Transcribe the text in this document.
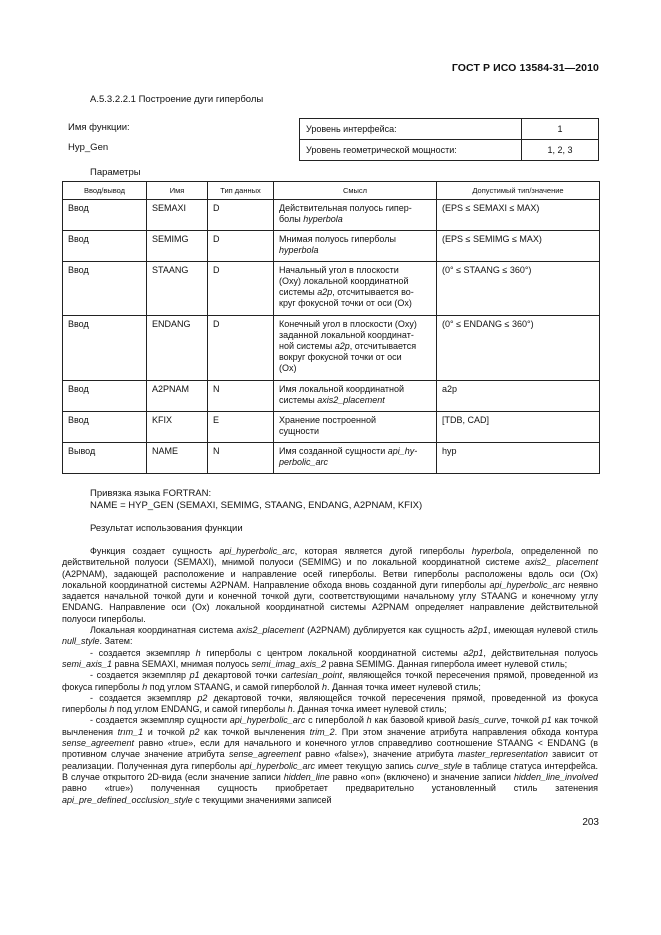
ГОСТ Р ИСО 13584-31—2010
A.5.3.2.2.1 Построение дуги гиперболы
Имя функции:
Hyp_Gen
Уровень интерфейса:	1
Уровень геометрической мощности:	1, 2, 3
Параметры
Ввод/вывод	Имя	Тип данных	Смысл	Допустимый тип/значение
Ввод	SEMAXI	D	Действительная полуось гипер-
болы hyperbola	(EPS ≤ SEMAXI ≤ MAX)
Ввод	SEMIMG	D	Мнимая полуось гиперболы
hyperbola	(EPS ≤ SEMIMG ≤ MAX)
Ввод	STAANG	D	Начальный угол в плоскости
(Oxy) локальной координатной
системы a2p, отсчитывается во-
круг фокусной точки от оси (Ox)	(0° ≤ STAANG ≤ 360°)
Ввод	ENDANG	D	Конечный угол в плоскости (Oxy)
заданной локальной координат-
ной системы a2p, отсчитывается
вокруг фокусной точки от оси
(Ox)	(0° ≤ ENDANG ≤ 360°)
Ввод	A2PNAM	N	Имя локальной координатной
системы axis2_placement	a2p
Ввод	KFIX	E	Хранение построенной
сущности	[TDB, CAD]
Вывод	NAME	N	Имя созданной сущности api_hy-
perbolic_arc	hyp
Привязка языка FORTRAN:
NAME = HYP_GEN (SEMAXI, SEMIMG, STAANG, ENDANG, A2PNAM, KFIX)
Результат использования функции

Функция создает сущность api_hyperbolic_arc, которая является дугой гиперболы hyperbola, определенной по действительной полуоси (SEMAXI), мнимой полуоси (SEMIMG) и по локальной координатной системе axis2_ placement (A2PNAM), задающей расположение и направление осей гиперболы. Ветви гиперболы расположены вдоль оси (Ox) локальной координатной системы A2PNAM. Направление обхода вновь созданной дуги гиперболы api_hyperbolic_arc неявно задается начальной точкой дуги и конечной точкой дуги, соответствующими начальному углу STAANG и конечному углу ENDANG. Направление оси (Ox) локальной координатной системы A2PNAM определяет направление действительной полуоси гиперболы.

Локальная координатная система axis2_placement (A2PNAM) дублируется как сущность a2p1, имеющая нулевой стиль null_style. Затем:

- создается экземпляр h гиперболы с центром локальной координатной системы a2p1, действительная полуось semi_axis_1 равна SEMAXI, мнимая полуось semi_imag_axis_2 равна SEMIMG. Данная гипербола имеет нулевой стиль;

- создается экземпляр p1 декартовой точки cartesian_point, являющейся точкой пересечения прямой, проведенной из фокуса гиперболы h под углом STAANG, и самой гиперболой h. Данная точка имеет нулевой стиль;

- создается экземпляр p2 декартовой точки, являющейся точкой пересечения прямой, проведенной из фокуса гиперболы h под углом ENDANG, и самой гиперболы h. Данная точка имеет нулевой стиль;

- создается экземпляр сущности api_hyperbolic_arc с гиперболой h как базовой кривой basis_curve, точкой p1 как точкой вычленения trım_1 и точкой p2 как точкой вычленения trim_2. При этом значение атрибута направления обхода контура sense_agreement равно «true», если для начального и конечного углов справедливо соотношение STAANG < ENDANG (в противном случае значение атрибута sense_agreement равно «false»), значение атрибута master_representation зависит от реализации. Полученная дуга гиперболы api_hyperbolic_arc имеет текущую запись curve_style в таблице статуса интерфейса. В случае открытого 2D-вида (если значение записи hidden_line равно «on» (включено) и значение записи hidden_line_involved равно «true») полученная сущность приобретает предварительно установленный стиль затенения api_pre_defined_occlusion_style с текущими значениями записей

203
